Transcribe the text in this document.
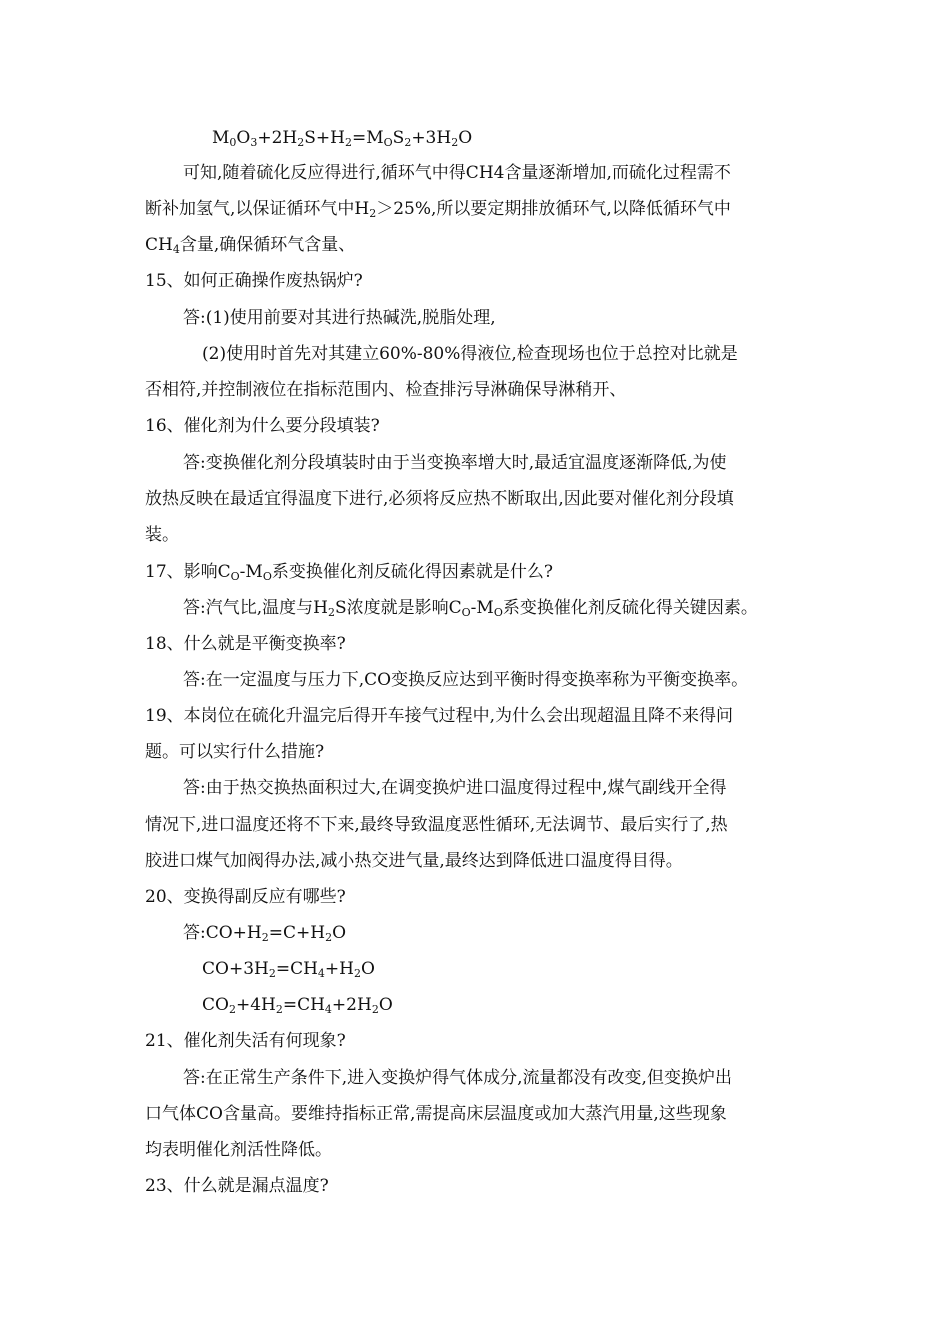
$M_0O_3+2H_2S+H_2=M_OS_2+3H_2O$

可知,随着硫化反应得进行,循环气中得CH4含量逐渐增加,而硫化过程需不

断补加氢气,以保证循环气中$H_2>25\%$,所以要定期排放循环气,以降低循环气中

$CH_4$含量,确保循环气含量、

15、如何正确操作废热锅炉?

答:(1)使用前要对其进行热碱洗,脱脂处理,

(2)使用时首先对其建立60%-80%得液位,检查现场也位于总控对比就是

否相符,并控制液位在指标范围内、检查排污导淋确保导淋稍开、

16、催化剂为什么要分段填装?

答:变换催化剂分段填装时由于当变换率增大时,最适宜温度逐渐降低,为使

放热反映在最适宜得温度下进行,必须将反应热不断取出,因此要对催化剂分段填

装。

17、影响$C_O-M_O$系变换催化剂反硫化得因素就是什么?

答:汽气比,温度与$H_2S$浓度就是影响$C_O-M_O$系变换催化剂反硫化得关键因素。

18、什么就是平衡变换率?

答:在一定温度与压力下,CO变换反应达到平衡时得变换率称为平衡变换率。

19、本岗位在硫化升温完后得开车接气过程中,为什么会出现超温且降不来得问

题。可以实行什么措施?

答:由于热交换热面积过大,在调变换炉进口温度得过程中,煤气副线开全得

情况下,进口温度还将不下来,最终导致温度恶性循环,无法调节、最后实行了,热

胶进口煤气加阀得办法,减小热交进气量,最终达到降低进口温度得目得。

20、变换得副反应有哪些?

答$:CO+H_2=C+H_2O$

$CO+3H_2=CH_4+H_2O$

$CO_2+4H_2=CH_4+2H_2O$

21、催化剂失活有何现象?

答:在正常生产条件下,进入变换炉得气体成分,流量都没有改变,但变换炉出

口气体CO含量高。要维持指标正常,需提高床层温度或加大蒸汽用量,这些现象

均表明催化剂活性降低。

23、什么就是漏点温度?
